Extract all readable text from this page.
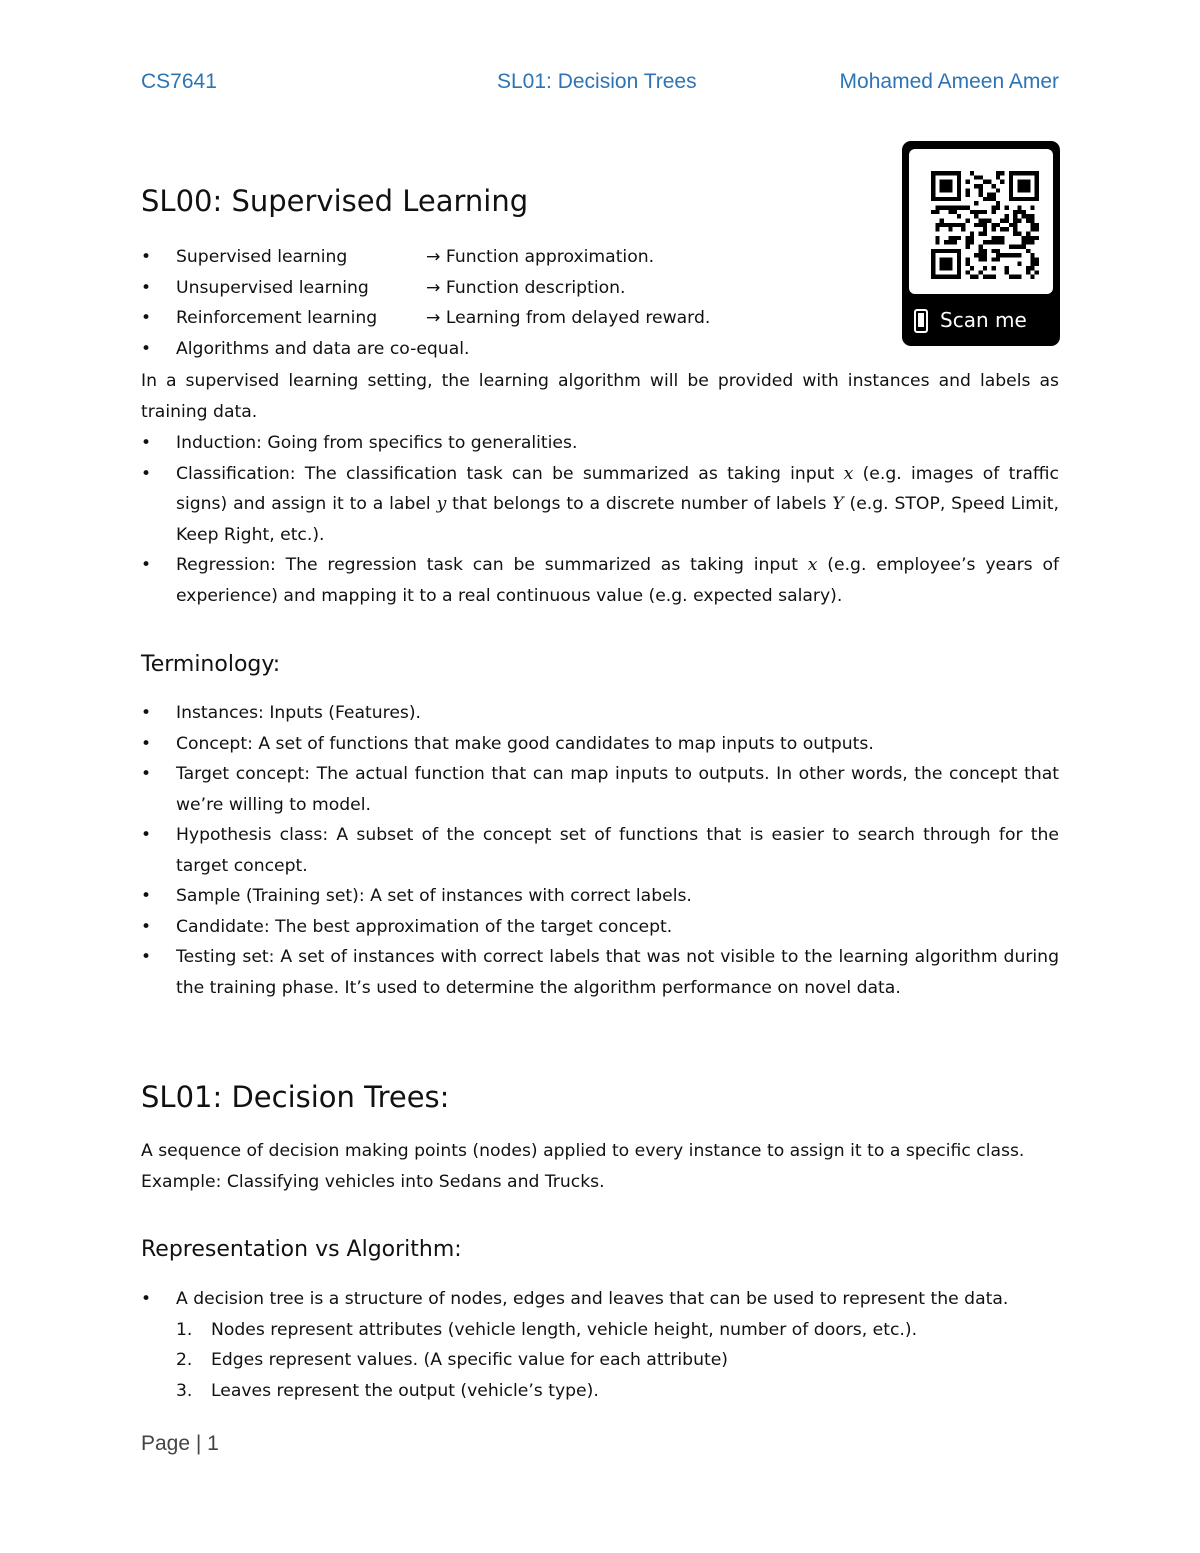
CS7641	SL01: Decision Trees	Mohamed Ameen Amer
Scan me
SL00: Supervised Learning
• Supervised learning	→ Function approximation.
• Unsupervised learning	→ Function description.
• Reinforcement learning	→ Learning from delayed reward.
• Algorithms and data are co-equal.
In a supervised learning setting, the learning algorithm will be provided with instances and labels as training data.
• Induction: Going from specifics to generalities.
• Classification: The classification task can be summarized as taking input x (e.g. images of traffic signs) and assign it to a label y that belongs to a discrete number of labels Y (e.g. STOP, Speed Limit, Keep Right, etc.).
• Regression: The regression task can be summarized as taking input x (e.g. employee’s years of experience) and mapping it to a real continuous value (e.g. expected salary).
Terminology:
• Instances: Inputs (Features).
• Concept: A set of functions that make good candidates to map inputs to outputs.
• Target concept: The actual function that can map inputs to outputs. In other words, the concept that we’re willing to model.
• Hypothesis class: A subset of the concept set of functions that is easier to search through for the target concept.
• Sample (Training set): A set of instances with correct labels.
• Candidate: The best approximation of the target concept.
• Testing set: A set of instances with correct labels that was not visible to the learning algorithm during the training phase. It’s used to determine the algorithm performance on novel data.
SL01: Decision Trees:
A sequence of decision making points (nodes) applied to every instance to assign it to a specific class.
Example: Classifying vehicles into Sedans and Trucks.
Representation vs Algorithm:
• A decision tree is a structure of nodes, edges and leaves that can be used to represent the data.
1. Nodes represent attributes (vehicle length, vehicle height, number of doors, etc.).
2. Edges represent values. (A specific value for each attribute)
3. Leaves represent the output (vehicle’s type).
Page | 1
